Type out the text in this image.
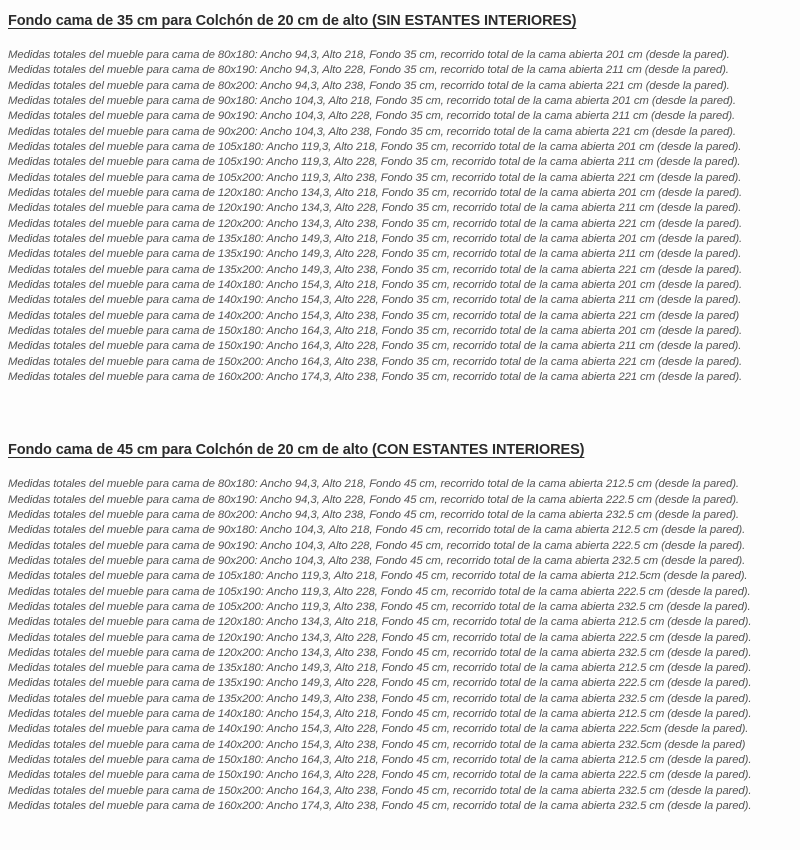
Fondo cama de 35 cm para Colchón de 20 cm de alto (SIN ESTANTES INTERIORES)
Medidas totales del mueble para cama de 80x180: Ancho 94,3, Alto 218, Fondo 35 cm, recorrido total de la cama abierta 201 cm (desde la pared).
Medidas totales del mueble para cama de 80x190: Ancho 94,3, Alto 228, Fondo 35 cm, recorrido total de la cama abierta 211 cm (desde la pared).
Medidas totales del mueble para cama de 80x200: Ancho 94,3, Alto 238, Fondo 35 cm, recorrido total de la cama abierta 221 cm (desde la pared).
Medidas totales del mueble para cama de 90x180: Ancho 104,3, Alto 218, Fondo 35 cm, recorrido total de la cama abierta 201 cm (desde la pared).
Medidas totales del mueble para cama de 90x190: Ancho 104,3, Alto 228, Fondo 35 cm, recorrido total de la cama abierta 211 cm (desde la pared).
Medidas totales del mueble para cama de 90x200: Ancho 104,3, Alto 238, Fondo 35 cm, recorrido total de la cama abierta 221 cm (desde la pared).
Medidas totales del mueble para cama de 105x180: Ancho 119,3, Alto 218, Fondo 35 cm, recorrido total de la cama abierta 201 cm (desde la pared).
Medidas totales del mueble para cama de 105x190: Ancho 119,3, Alto 228, Fondo 35 cm, recorrido total de la cama abierta 211 cm (desde la pared).
Medidas totales del mueble para cama de 105x200: Ancho 119,3, Alto 238, Fondo 35 cm, recorrido total de la cama abierta 221 cm (desde la pared).
Medidas totales del mueble para cama de 120x180: Ancho 134,3, Alto 218, Fondo 35 cm, recorrido total de la cama abierta 201 cm (desde la pared).
Medidas totales del mueble para cama de 120x190: Ancho 134,3, Alto 228, Fondo 35 cm, recorrido total de la cama abierta 211 cm (desde la pared).
Medidas totales del mueble para cama de 120x200: Ancho 134,3, Alto 238, Fondo 35 cm, recorrido total de la cama abierta 221 cm (desde la pared).
Medidas totales del mueble para cama de 135x180: Ancho 149,3, Alto 218, Fondo 35 cm, recorrido total de la cama abierta 201 cm (desde la pared).
Medidas totales del mueble para cama de 135x190: Ancho 149,3, Alto 228, Fondo 35 cm, recorrido total de la cama abierta 211 cm (desde la pared).
Medidas totales del mueble para cama de 135x200: Ancho 149,3, Alto 238, Fondo 35 cm, recorrido total de la cama abierta 221 cm (desde la pared).
Medidas totales del mueble para cama de 140x180: Ancho 154,3, Alto 218, Fondo 35 cm, recorrido total de la cama abierta 201 cm (desde la pared).
Medidas totales del mueble para cama de 140x190: Ancho 154,3, Alto 228, Fondo 35 cm, recorrido total de la cama abierta 211 cm (desde la pared).
Medidas totales del mueble para cama de 140x200: Ancho 154,3, Alto 238, Fondo 35 cm, recorrido total de la cama abierta 221 cm (desde la pared)
Medidas totales del mueble para cama de 150x180: Ancho 164,3, Alto 218, Fondo 35 cm, recorrido total de la cama abierta 201 cm (desde la pared).
Medidas totales del mueble para cama de 150x190: Ancho 164,3, Alto 228, Fondo 35 cm, recorrido total de la cama abierta 211 cm (desde la pared).
Medidas totales del mueble para cama de 150x200: Ancho 164,3, Alto 238, Fondo 35 cm, recorrido total de la cama abierta 221 cm (desde la pared).
Medidas totales del mueble para cama de 160x200: Ancho 174,3, Alto 238, Fondo 35 cm, recorrido total de la cama abierta 221 cm (desde la pared).
Fondo cama de 45 cm para Colchón de 20 cm de alto (CON ESTANTES INTERIORES)
Medidas totales del mueble para cama de 80x180: Ancho 94,3, Alto 218, Fondo 45 cm, recorrido total de la cama abierta 212.5 cm (desde la pared).
Medidas totales del mueble para cama de 80x190: Ancho 94,3, Alto 228, Fondo 45 cm, recorrido total de la cama abierta 222.5 cm (desde la pared).
Medidas totales del mueble para cama de 80x200: Ancho 94,3, Alto 238, Fondo 45 cm, recorrido total de la cama abierta 232.5 cm (desde la pared).
Medidas totales del mueble para cama de 90x180: Ancho 104,3, Alto 218, Fondo 45 cm, recorrido total de la cama abierta 212.5 cm (desde la pared).
Medidas totales del mueble para cama de 90x190: Ancho 104,3, Alto 228, Fondo 45 cm, recorrido total de la cama abierta 222.5 cm (desde la pared).
Medidas totales del mueble para cama de 90x200: Ancho 104,3, Alto 238, Fondo 45 cm, recorrido total de la cama abierta 232.5 cm (desde la pared).
Medidas totales del mueble para cama de 105x180: Ancho 119,3, Alto 218, Fondo 45 cm, recorrido total de la cama abierta 212.5cm (desde la pared).
Medidas totales del mueble para cama de 105x190: Ancho 119,3, Alto 228, Fondo 45 cm, recorrido total de la cama abierta 222.5 cm (desde la pared).
Medidas totales del mueble para cama de 105x200: Ancho 119,3, Alto 238, Fondo 45 cm, recorrido total de la cama abierta 232.5 cm (desde la pared).
Medidas totales del mueble para cama de 120x180: Ancho 134,3, Alto 218, Fondo 45 cm, recorrido total de la cama abierta 212.5 cm (desde la pared).
Medidas totales del mueble para cama de 120x190: Ancho 134,3, Alto 228, Fondo 45 cm, recorrido total de la cama abierta 222.5 cm (desde la pared).
Medidas totales del mueble para cama de 120x200: Ancho 134,3, Alto 238, Fondo 45 cm, recorrido total de la cama abierta 232.5 cm (desde la pared).
Medidas totales del mueble para cama de 135x180: Ancho 149,3, Alto 218, Fondo 45 cm, recorrido total de la cama abierta 212.5 cm (desde la pared).
Medidas totales del mueble para cama de 135x190: Ancho 149,3, Alto 228, Fondo 45 cm, recorrido total de la cama abierta 222.5 cm (desde la pared).
Medidas totales del mueble para cama de 135x200: Ancho 149,3, Alto 238, Fondo 45 cm, recorrido total de la cama abierta 232.5 cm (desde la pared).
Medidas totales del mueble para cama de 140x180: Ancho 154,3, Alto 218, Fondo 45 cm, recorrido total de la cama abierta 212.5 cm (desde la pared).
Medidas totales del mueble para cama de 140x190: Ancho 154,3, Alto 228, Fondo 45 cm, recorrido total de la cama abierta 222.5cm (desde la pared).
Medidas totales del mueble para cama de 140x200: Ancho 154,3, Alto 238, Fondo 45 cm, recorrido total de la cama abierta 232.5cm (desde la pared)
Medidas totales del mueble para cama de 150x180: Ancho 164,3, Alto 218, Fondo 45 cm, recorrido total de la cama abierta 212.5 cm (desde la pared).
Medidas totales del mueble para cama de 150x190: Ancho 164,3, Alto 228, Fondo 45 cm, recorrido total de la cama abierta 222.5 cm (desde la pared).
Medidas totales del mueble para cama de 150x200: Ancho 164,3, Alto 238, Fondo 45 cm, recorrido total de la cama abierta 232.5 cm (desde la pared).
Medidas totales del mueble para cama de 160x200: Ancho 174,3, Alto 238, Fondo 45 cm, recorrido total de la cama abierta 232.5 cm (desde la pared).
